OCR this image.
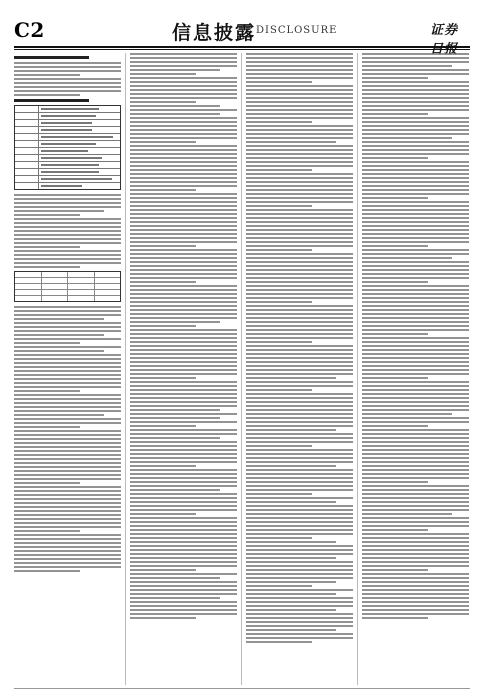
C2	信息披露 DISCLOSURE	证券
